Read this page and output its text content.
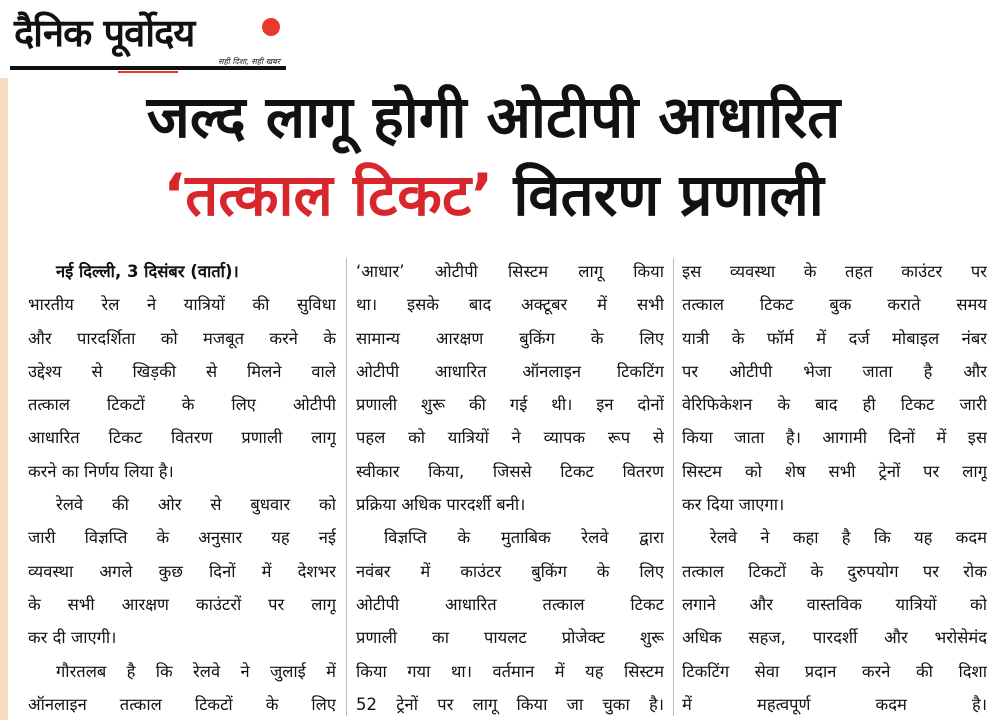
दैनिक पूर्वोदय
सही दिशा, सही खबर
जल्द लागू होगी ओटीपी आधारित
‘तत्काल टिकट’ वितरण प्रणाली
नई दिल्ली, 3 दिसंबर (वार्ता)।
भारतीय रेल ने यात्रियों की सुविधा
और पारदर्शिता को मजबूत करने के
उद्देश्य से खिड़की से मिलने वाले
तत्काल टिकटों के लिए ओटीपी
आधारित टिकट वितरण प्रणाली लागू
करने का निर्णय लिया है।
रेलवे की ओर से बुधवार को
जारी विज्ञप्ति के अनुसार यह नई
व्यवस्था अगले कुछ दिनों में देशभर
के सभी आरक्षण काउंटरों पर लागू
कर दी जाएगी।
गौरतलब है कि रेलवे ने जुलाई में
ऑनलाइन तत्काल टिकटों के लिए
‘आधार’ ओटीपी सिस्टम लागू किया
था। इसके बाद अक्टूबर में सभी
सामान्य आरक्षण बुकिंग के लिए
ओटीपी आधारित ऑनलाइन टिकटिंग
प्रणाली शुरू की गई थी। इन दोनों
पहल को यात्रियों ने व्यापक रूप से
स्वीकार किया, जिससे टिकट वितरण
प्रक्रिया अधिक पारदर्शी बनी।
विज्ञप्ति के मुताबिक रेलवे द्वारा
नवंबर में काउंटर बुकिंग के लिए
ओटीपी आधारित तत्काल टिकट
प्रणाली का पायलट प्रोजेक्ट शुरू
किया गया था। वर्तमान में यह सिस्टम
52 ट्रेनों पर लागू किया जा चुका है।
इस व्यवस्था के तहत काउंटर पर
तत्काल टिकट बुक कराते समय
यात्री के फॉर्म में दर्ज मोबाइल नंबर
पर ओटीपी भेजा जाता है और
वेरिफिकेशन के बाद ही टिकट जारी
किया जाता है। आगामी दिनों में इस
सिस्टम को शेष सभी ट्रेनों पर लागू
कर दिया जाएगा।
रेलवे ने कहा है कि यह कदम
तत्काल टिकटों के दुरुपयोग पर रोक
लगाने और वास्तविक यात्रियों को
अधिक सहज, पारदर्शी और भरोसेमंद
टिकटिंग सेवा प्रदान करने की दिशा
में महत्वपूर्ण कदम है।
